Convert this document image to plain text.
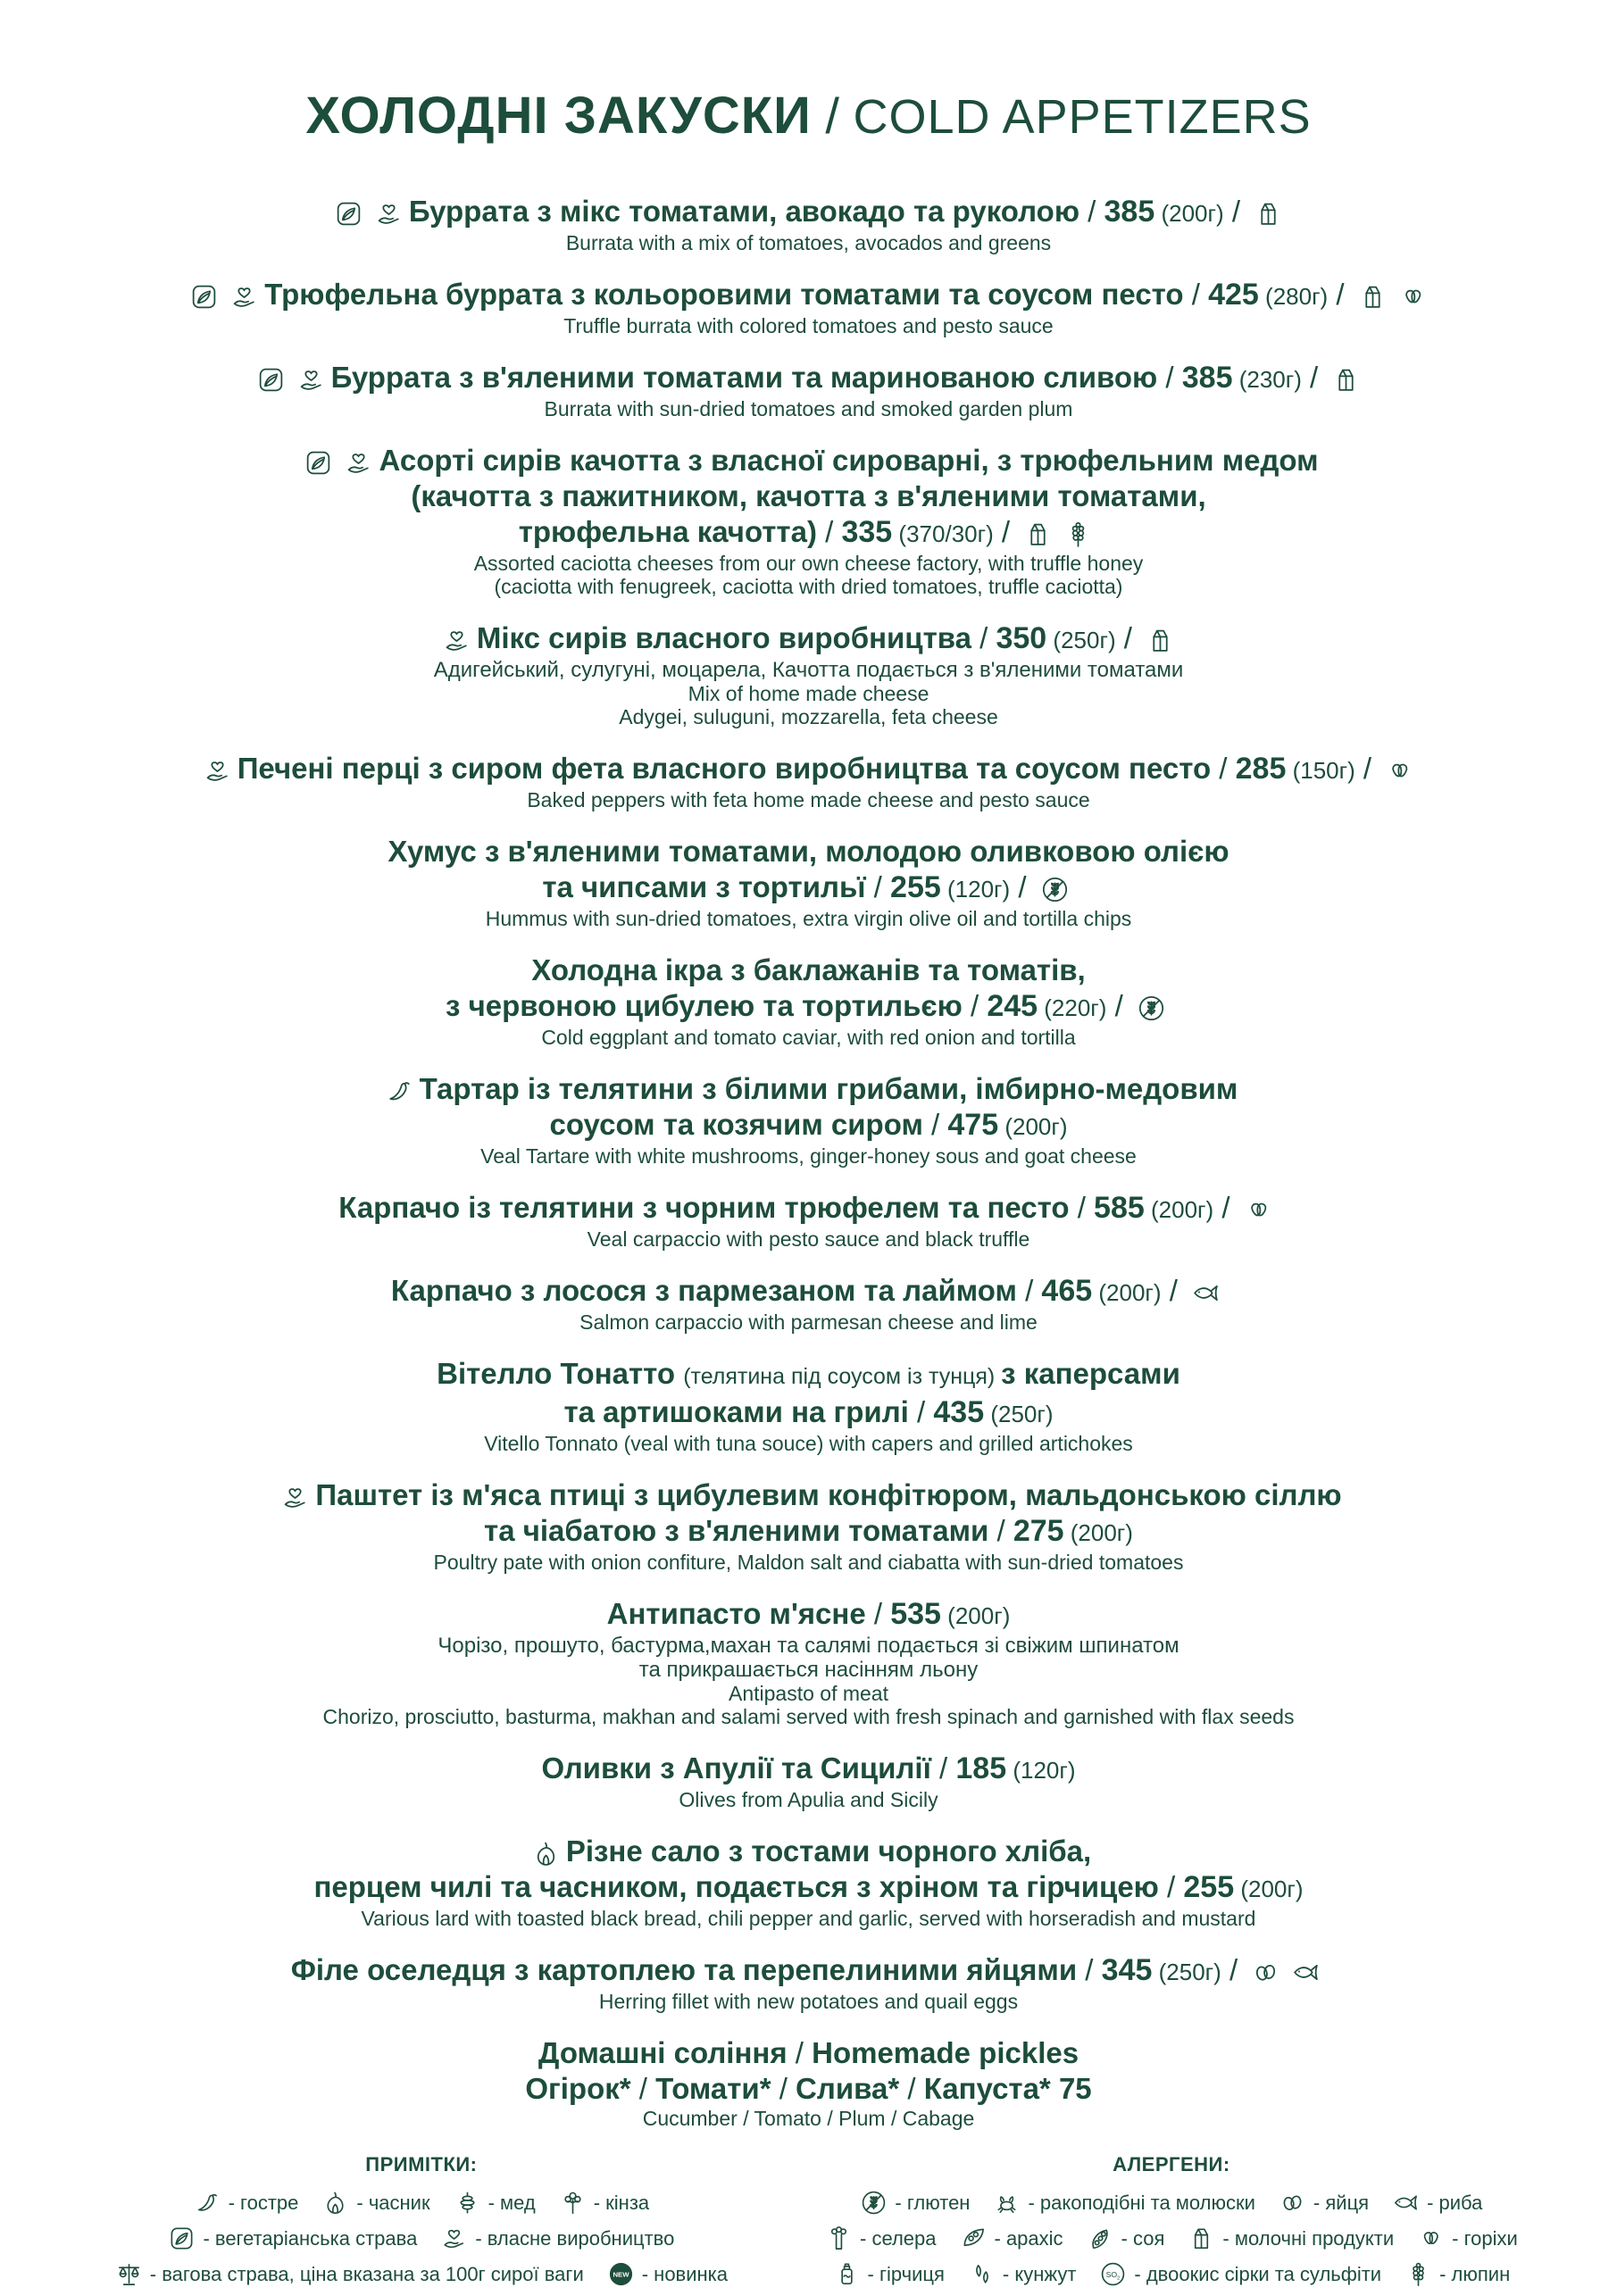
ХОЛОДНІ ЗАКУСКИ / COLD APPETIZERS
Буррата з мікс томатами, авокадо та руколою / 385 (200г) /
Burrata with a mix of tomatoes, avocados and greens
Трюфельна буррата з кольоровими томатами та соусом песто / 425 (280г) /
Truffle burrata with colored tomatoes and pesto sauce
Буррата з в'яленими томатами та маринованою сливою / 385 (230г) /
Burrata with sun-dried tomatoes and smoked garden plum
Асорті сирів качотта з власної сироварні, з трюфельним медом
(качотта з пажитником, качотта з в'яленими томатами,
трюфельна качотта) / 335 (370/30г) /
Assorted caciotta cheeses from our own cheese factory, with truffle honey
(caciotta with fenugreek, caciotta with dried tomatoes, truffle caciotta)
Мікс сирів власного виробництва / 350 (250г) /
Адигейський, сулугуні, моцарела, Качотта подається з в'яленими томатами
Mix of home made cheese
Adygei, suluguni, mozzarella, feta cheese
Печені перці з сиром фета власного виробництва та соусом песто / 285 (150г) /
Baked peppers with feta home made cheese and pesto sauce
Хумус з в'яленими томатами, молодою оливковою олією
та чипсами з тортильї / 255 (120г) /
Hummus with sun-dried tomatoes, extra virgin olive oil and tortilla chips
Холодна ікра з баклажанів та томатів,
з червоною цибулею та тортильєю / 245 (220г) /
Cold eggplant and tomato caviar, with red onion and tortilla
Тартар із телятини з білими грибами, імбирно-медовим
соусом та козячим сиром / 475 (200г)
Veal Tartare with white mushrooms, ginger-honey sous and goat cheese
Карпачо із телятини з чорним трюфелем та песто / 585 (200г) /
Veal carpaccio with pesto sauce and black truffle
Карпачо з лосося з пармезаном та лаймом / 465 (200г) /
Salmon carpaccio with parmesan cheese and lime
Вітелло Тонатто (телятина під соусом із тунця) з каперсами
та артишоками на грилі / 435 (250г)
Vitello Tonnato (veal with tuna souce) with capers and grilled artichokes
Паштет із м'яса птиці з цибулевим конфітюром, мальдонською сіллю
та чіабатою з в'яленими томатами / 275 (200г)
Poultry pate with onion confiture, Maldon salt and ciabatta with sun-dried tomatoes
Антипасто м'ясне / 535 (200г)
Чорізо, прошуто, бастурма,махан та салямі подається зі свіжим шпинатом
та прикрашається насінням льону
Antipasto of meat
Chorizo, prosciutto, basturma, makhan and salami served with fresh spinach and garnished with flax seeds
Оливки з Апулії та Сицилії / 185 (120г)
Olives from Apulia and Sicily
Різне сало з тостами чорного хліба,
перцем чилі та часником, подається з хріном та гірчицею / 255 (200г)
Various lard with toasted black bread, chili pepper and garlic, served with horseradish and mustard
Філе оселедця з картоплею та перепелиними яйцями / 345 (250г) /
Herring fillet with new potatoes and quail eggs
Домашні соління / Homemade pickles
Огірок* / Томати* / Слива* / Капуста* 75
Cucumber / Tomato / Plum / Cabage
ПРИМІТКИ:
- гостре	- часник	- мед	- кінза
- вегетаріанська страва	- власне виробництво
- вагова страва, ціна вказана за 100г сирої ваги	NEW - новинка
АЛЕРГЕНИ:
- глютен	- ракоподібні та молюски	- яйця	- риба
- селера	- арахіс	- соя	- молочні продукти	- горіхи
- гірчиця	- кунжут	SO 2 - двоокис сірки та сульфіти	- люпин
